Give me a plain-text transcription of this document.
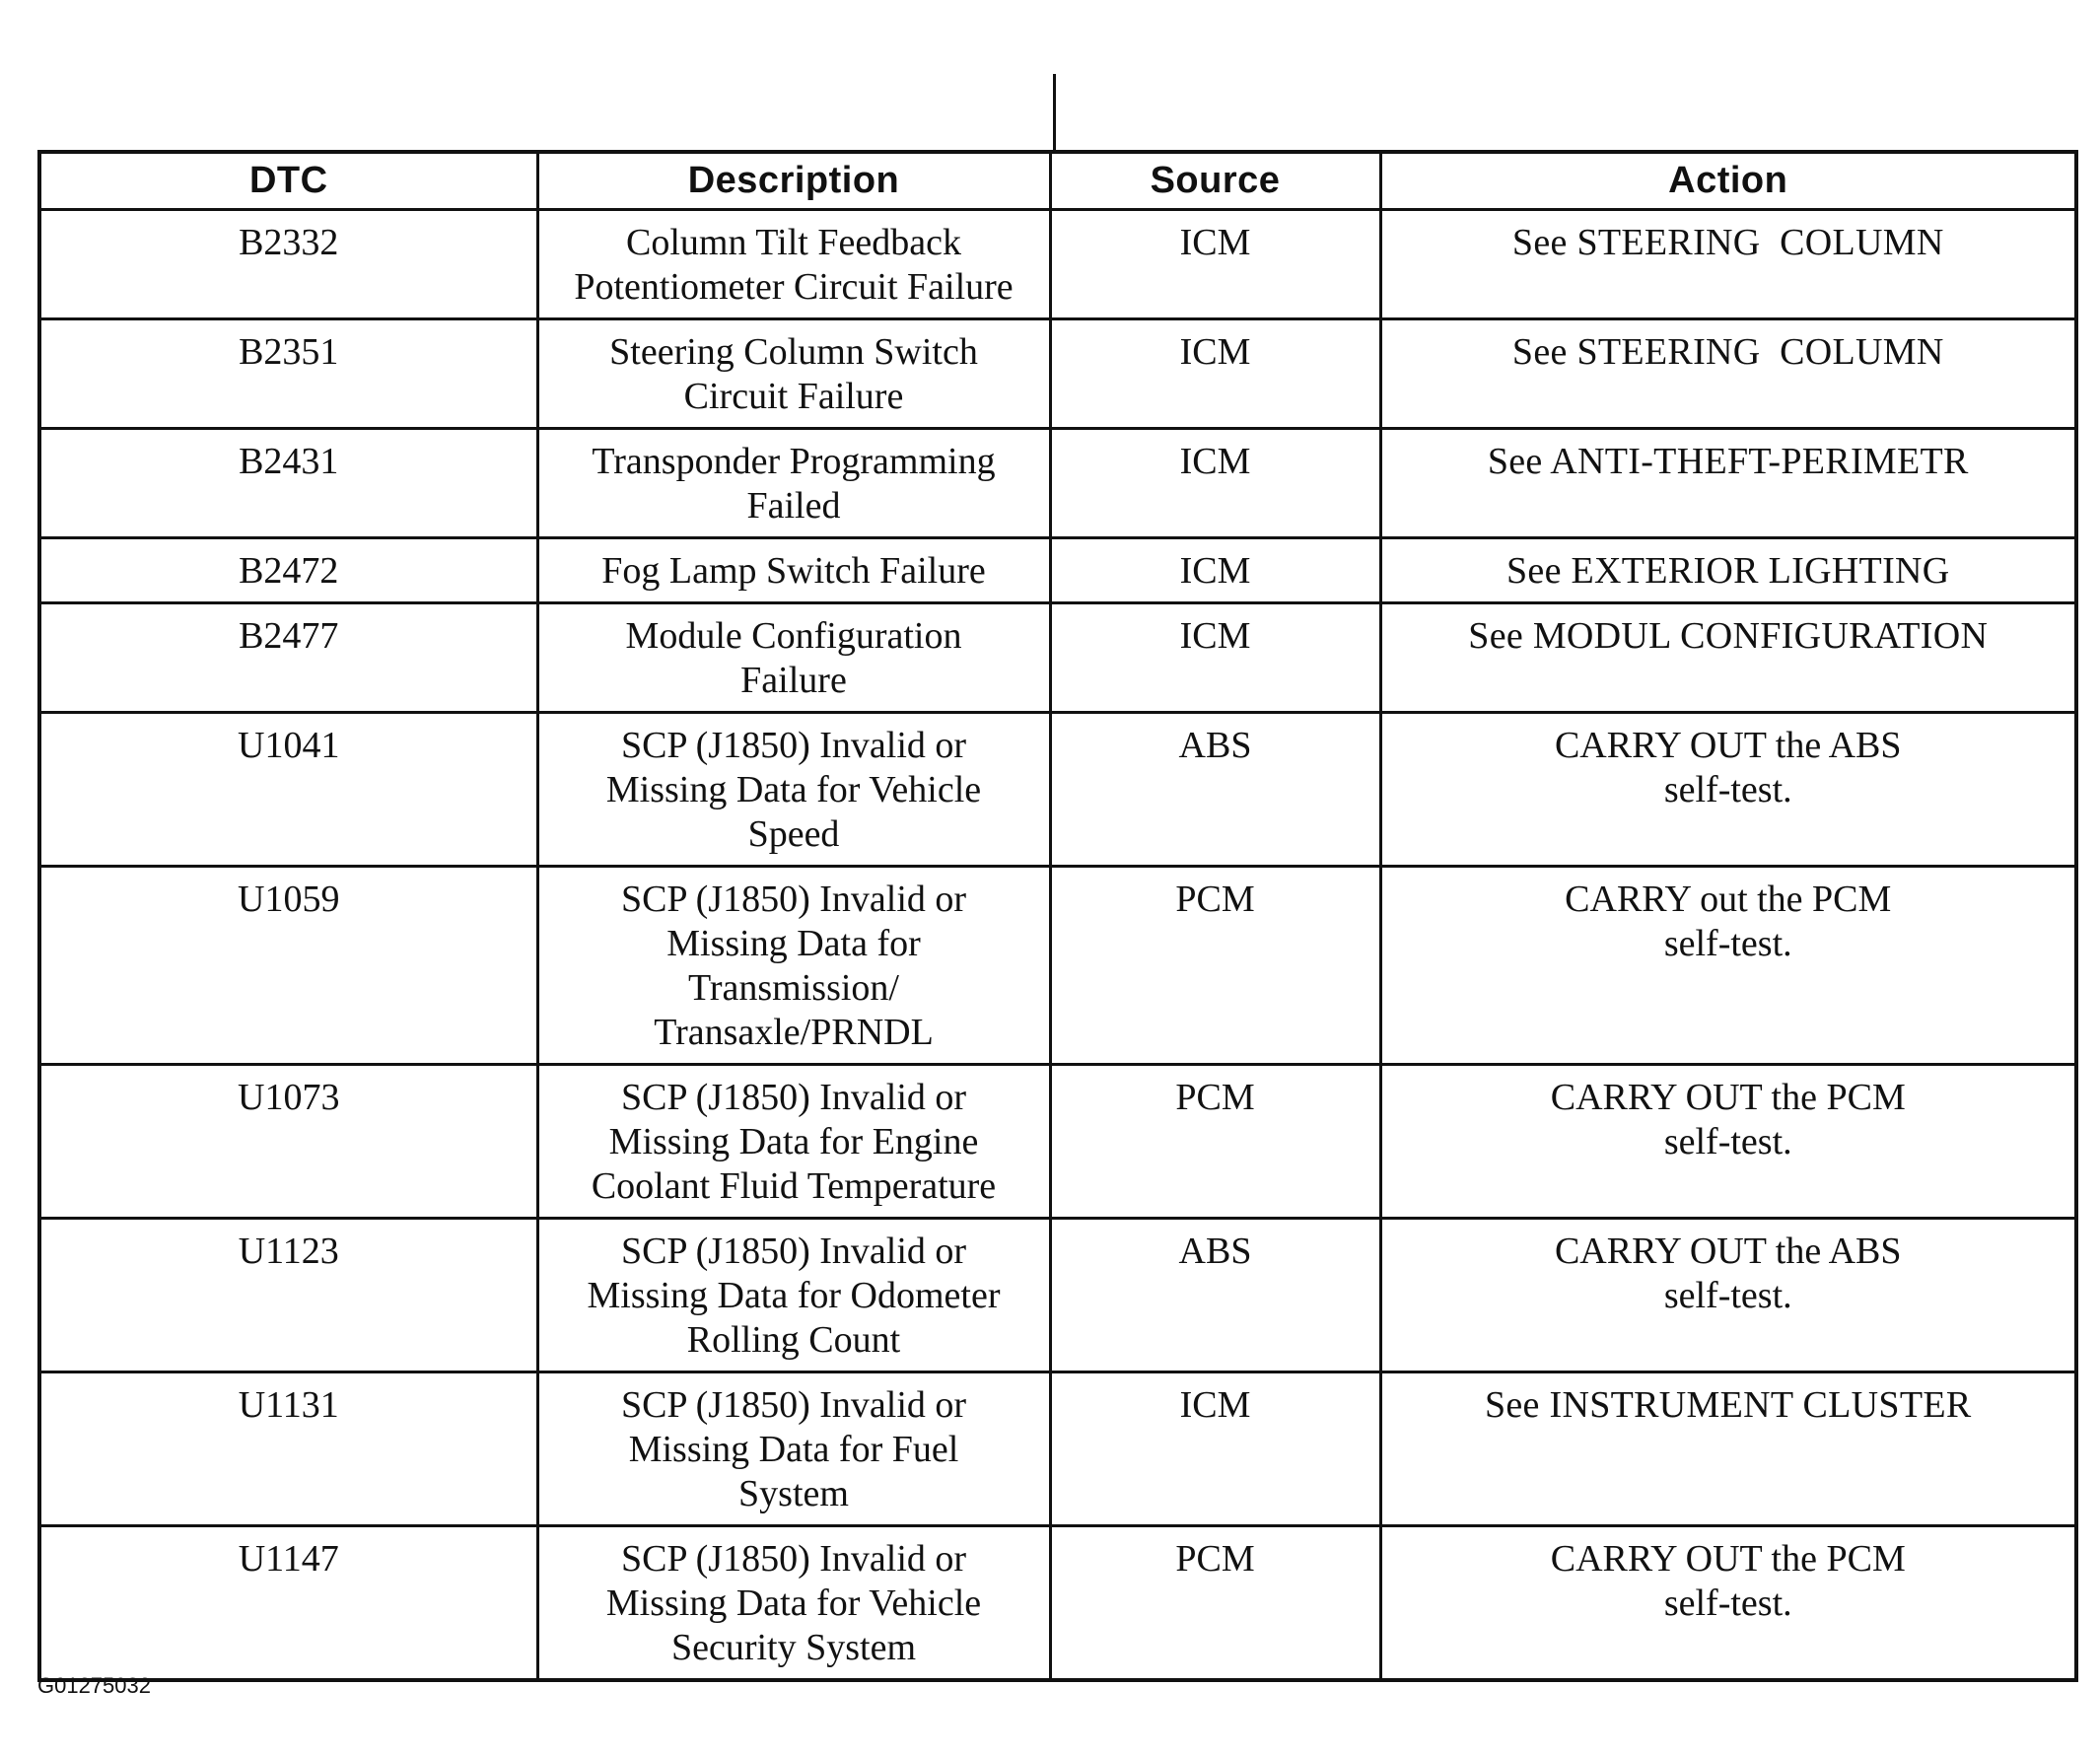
DTC	Description	Source	Action
B2332	Column Tilt Feedback
Potentiometer Circuit Failure	ICM	See STEERING  COLUMN
B2351	Steering Column Switch
Circuit Failure	ICM	See STEERING  COLUMN
B2431	Transponder Programming
Failed	ICM	See ANTI-THEFT-PERIMETR
B2472	Fog Lamp Switch Failure	ICM	See EXTERIOR LIGHTING
B2477	Module Configuration
Failure	ICM	See MODUL CONFIGURATION
U1041	SCP (J1850) Invalid or
Missing Data for Vehicle
Speed	ABS	CARRY OUT the ABS
self-test.

U1059	SCP (J1850) Invalid or
Missing Data for
Transmission/
Transaxle/PRNDL	PCM	CARRY out the PCM
self-test.

U1073	SCP (J1850) Invalid or
Missing Data for Engine
Coolant Fluid Temperature	PCM	CARRY OUT the PCM
self-test.

U1123	SCP (J1850) Invalid or
Missing Data for Odometer
Rolling Count	ABS	CARRY OUT the ABS
self-test.

U1131	SCP (J1850) Invalid or
Missing Data for Fuel
System	ICM	See INSTRUMENT CLUSTER
U1147	SCP (J1850) Invalid or
Missing Data for Vehicle
Security System	PCM	CARRY OUT the PCM
self-test.
G01275032
